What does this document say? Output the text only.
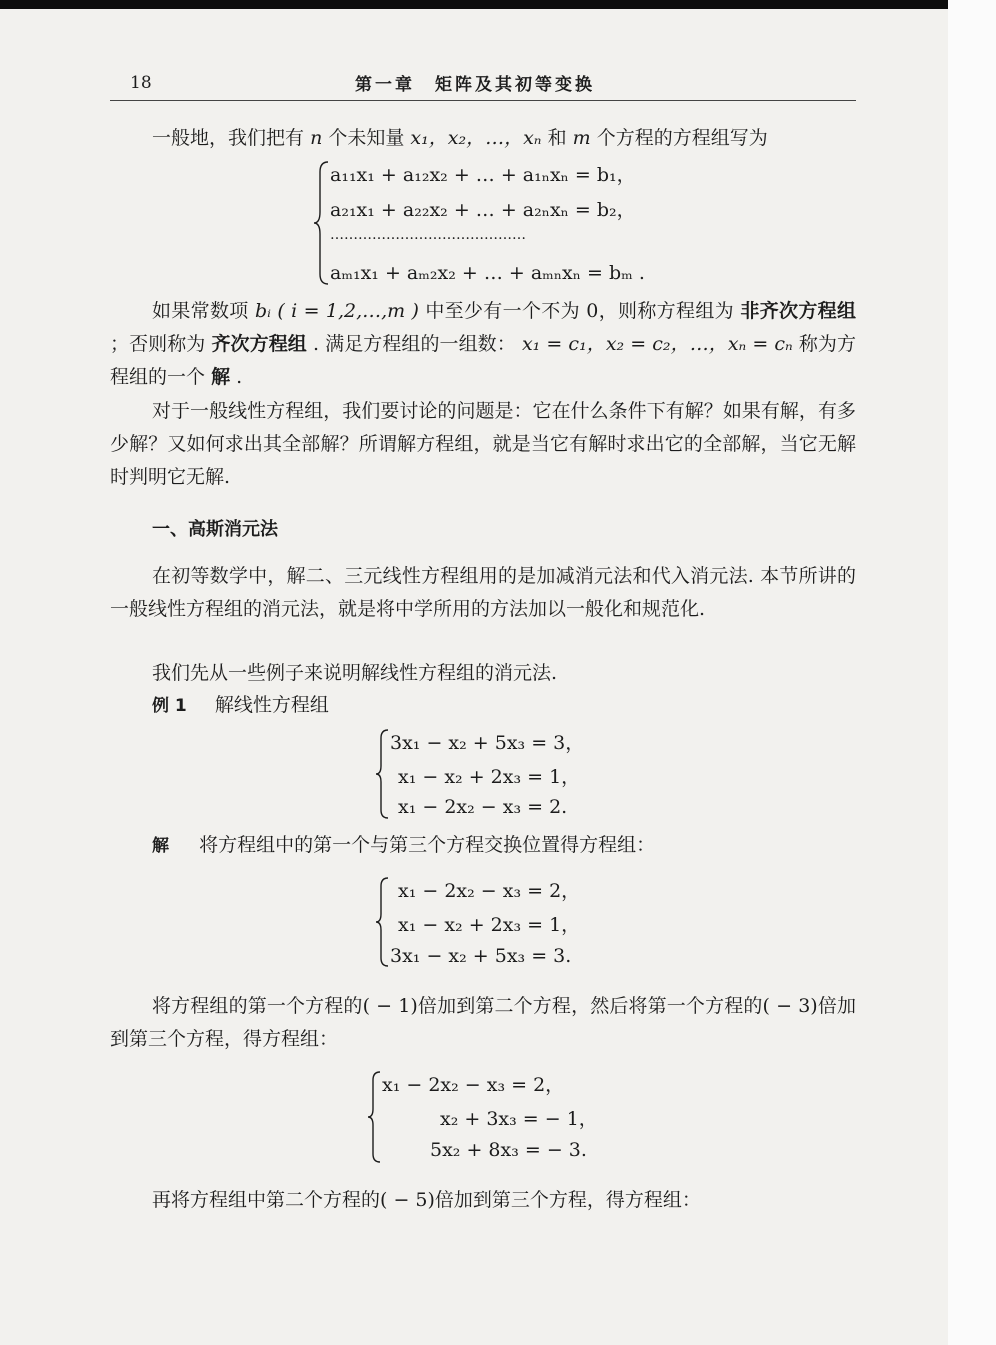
18	第一章　矩阵及其初等变换
一般地，我们把有 n 个未知量 x₁，x₂，…，xₙ 和 m 个方程的方程组写为
a₁₁x₁ + a₁₂x₂ + … + a₁ₙxₙ = b₁，
a₂₁x₁ + a₂₂x₂ + … + a₂ₙxₙ = b₂，
……………………………………
aₘ₁x₁ + aₘ₂x₂ + … + aₘₙxₙ = bₘ .
如果常数项 bᵢ ( i = 1,2,…,m ) 中至少有一个不为 0，则称方程组为 非齐次方程组 ；否则称为 齐次方程组 . 满足方程组的一组数： x₁ = c₁，x₂ = c₂，…，xₙ = cₙ 称为方程组的一个 解 .
对于一般线性方程组，我们要讨论的问题是：它在什么条件下有解？如果有解，有多少解？又如何求出其全部解？所谓解方程组，就是当它有解时求出它的全部解，当它无解时判明它无解.
一、高斯消元法
在初等数学中，解二、三元线性方程组用的是加减消元法和代入消元法. 本节所讲的一般线性方程组的消元法，就是将中学所用的方法加以一般化和规范化.
我们先从一些例子来说明解线性方程组的消元法.
例 1 解线性方程组
3x₁ − x₂ + 5x₃ = 3，
x₁ − x₂ + 2x₃ = 1，
x₁ − 2x₂ − x₃ = 2.
解 将方程组中的第一个与第三个方程交换位置得方程组：
x₁ − 2x₂ − x₃ = 2，
x₁ − x₂ + 2x₃ = 1，
3x₁ − x₂ + 5x₃ = 3.
将方程组的第一个方程的( − 1)倍加到第二个方程，然后将第一个方程的( − 3)倍加到第三个方程，得方程组：
x₁ − 2x₂ − x₃ = 2，
x₂ + 3x₃ = − 1，
5x₂ + 8x₃ = − 3.
再将方程组中第二个方程的( − 5)倍加到第三个方程，得方程组：
